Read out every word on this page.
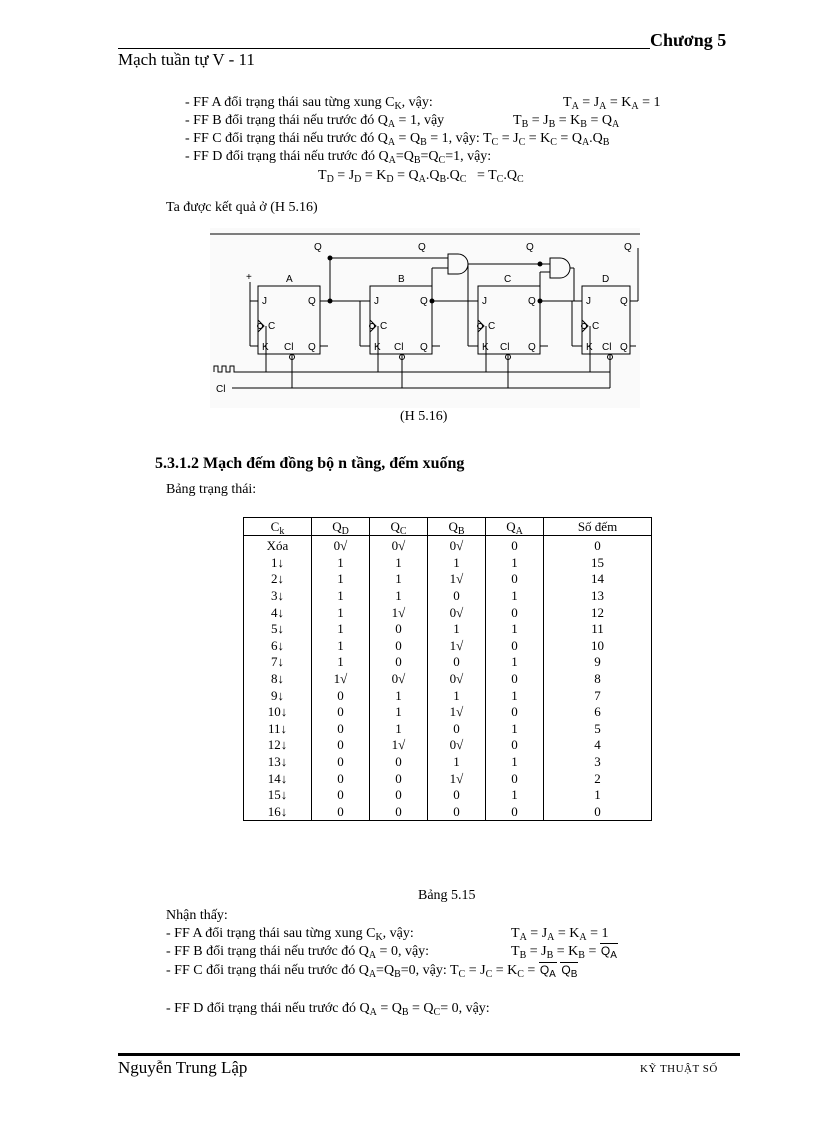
Chương 5
Mạch tuần tự V - 11
- FF A đổi trạng thái sau từng xung $C_K$, vậy:	$T_A = J_A = K_A = 1$
- FF B đổi trạng thái nếu trước đó $Q_A = 1$, vậy	$T_B = J_B = K_B = Q_A$
- FF C đổi trạng thái nếu trước đó $Q_A = Q_B = 1$, vậy: $T_C = J_C = K_C = Q_A.Q_B$
- FF D đổi trạng thái nếu trước đó $Q_A=Q_B=Q_C=1$, vậy:
$T_D = J_D = K_D = Q_A.Q_B.Q_C = T_C.Q_C$
Ta được kết quả ở (H 5.16)
A	B	C	D
J	Q
C
K Cl Q
J	Q
C
K Cl Q
J	Q
C
K Cl Q
J	Q
C
K Cl Q
Q	Q	Q	Q
+
Cl
(H 5.16)
5.3.1.2 Mạch đếm đồng bộ n tầng, đếm xuống
Bảng trạng thái:
$C_k$	$Q_D$	$Q_C$	$Q_B$	$Q_A$	Số đếm
Xóa	0√	0√	0√	0	0
1↓	1	1	1	1	15
2↓	1	1	1√	0	14
3↓	1	1	0	1	13
4↓	1	1√	0√	0	12
5↓	1	0	1	1	11
6↓	1	0	1√	0	10
7↓	1	0	0	1	9
8↓	1√	0√	0√	0	8
9↓	0	1	1	1	7
10↓	0	1	1√	0	6
11↓	0	1	0	1	5
12↓	0	1√	0√	0	4
13↓	0	0	1	1	3
14↓	0	0	1√	0	2
15↓	0	0	0	1	1
16↓	0	0	0	0	0
Bảng 5.15
Nhận thấy:
- FF A đổi trạng thái sau từng xung $C_K$, vậy:	$T_A = J_A = K_A = 1$
- FF B đổi trạng thái nếu trước đó $Q_A = 0$, vậy:	$T_B = J_B = K_B = Q_A$
- FF C đổi trạng thái nếu trước đó $Q_A=Q_B=0$, vậy: $T_C = J_C = K_C = Q_A$ $Q_B$
- FF D đổi trạng thái nếu trước đó $Q_A = Q_B = Q_C= 0$, vậy:
Nguyễn Trung Lập	KỸ THUẬT SỐ
